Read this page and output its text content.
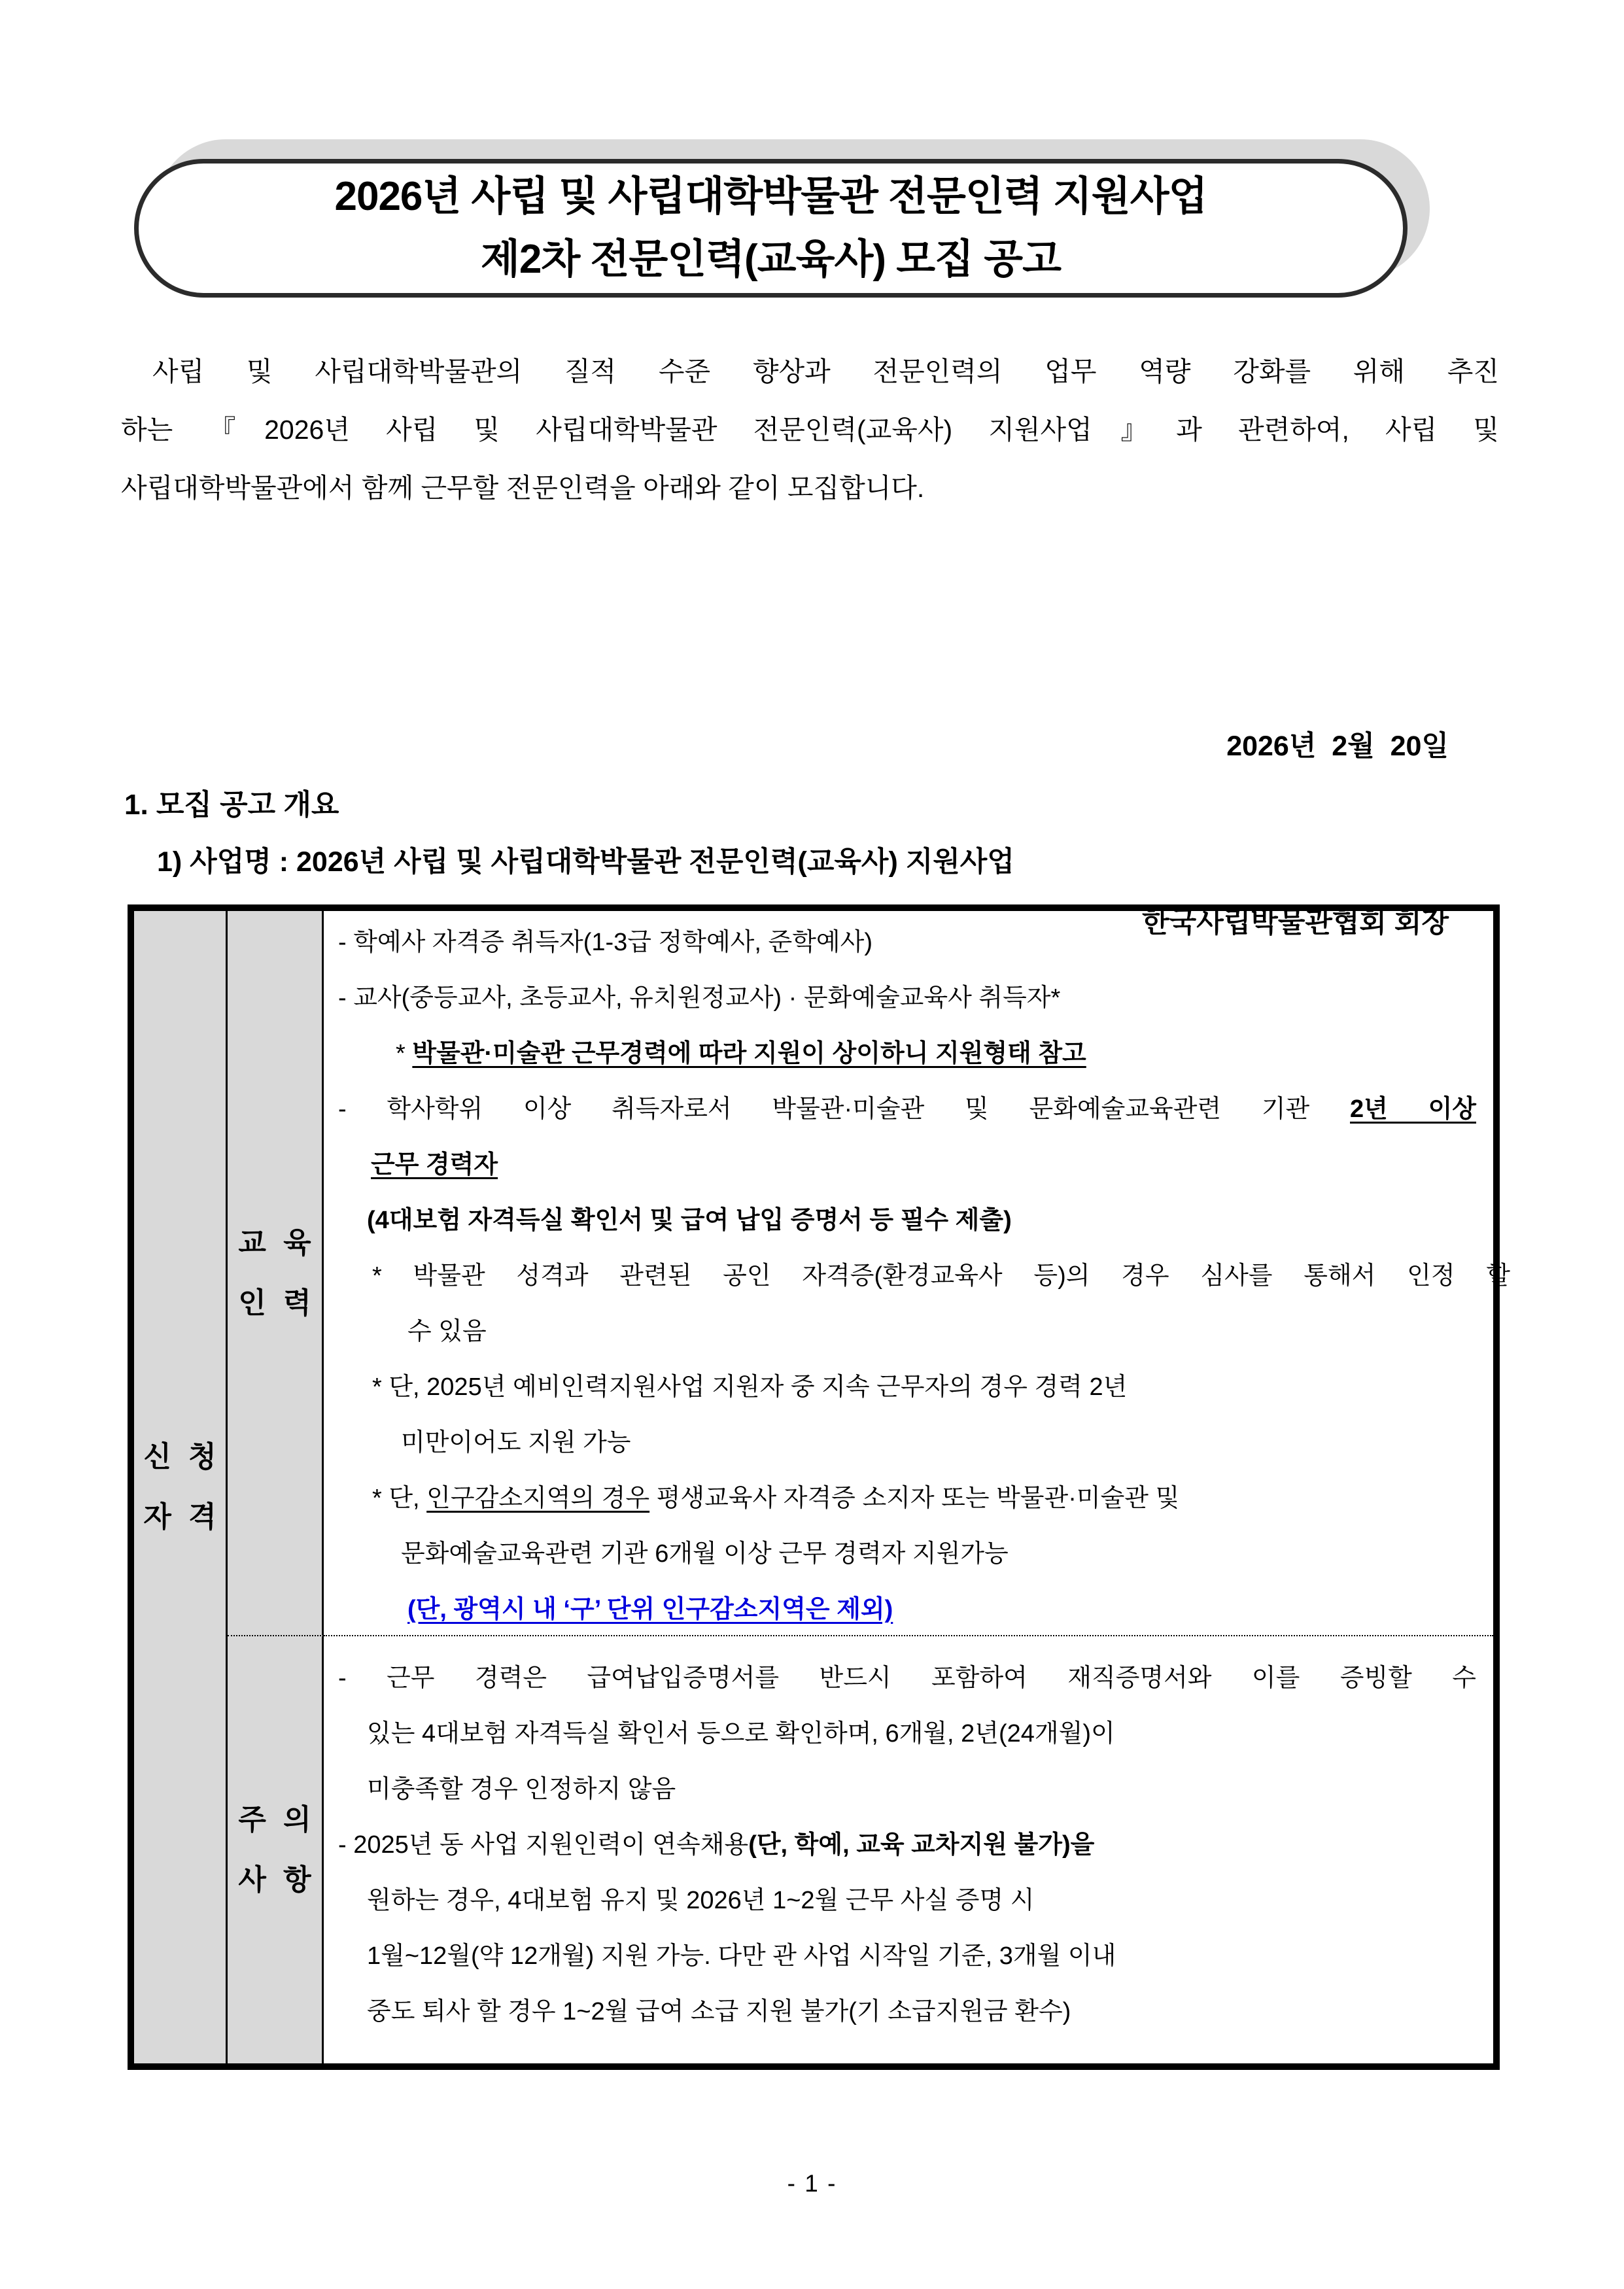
2026년 사립 및 사립대학박물관 전문인력 지원사업
제2차 전문인력(교육사) 모집 공고
사립 및 사립대학박물관의 질적 수준 향상과 전문인력의 업무 역량 강화를 위해 추진
하는 『2026년 사립 및 사립대학박물관 전문인력(교육사) 지원사업』과 관련하여, 사립 및
사립대학박물관에서 함께 근무할 전문인력을 아래와 같이 모집합니다.

2026년  2월  20일

한국사립박물관협회 회장

1. 모집 공고 개요
1) 사업명 : 2026년 사립 및 사립대학박물관 전문인력(교육사) 지원사업
신 청
자 격
교 육
인 력
- 학예사 자격증 취득자(1-3급 정학예사, 준학예사)
- 교사(중등교사, 초등교사, 유치원정교사) · 문화예술교육사 취득자*
* 박물관·미술관 근무경력에 따라 지원이 상이하니 지원형태 참고
- 학사학위 이상 취득자로서 박물관·미술관 및 문화예술교육관련 기관 2년 이상
근무 경력자
(4대보험 자격득실 확인서 및 급여 납입 증명서 등 필수 제출)
* 박물관 성격과 관련된 공인 자격증(환경교육사 등)의 경우 심사를 통해서 인정 할
수 있음
* 단, 2025년 예비인력지원사업 지원자 중 지속 근무자의 경우 경력 2년
미만이어도 지원 가능
* 단, 인구감소지역의 경우 평생교육사 자격증 소지자 또는 박물관·미술관 및
문화예술교육관련 기관 6개월 이상 근무 경력자 지원가능
(단, 광역시 내 ‘구’ 단위 인구감소지역은 제외)
주 의
사 항
- 근무 경력은 급여납입증명서를 반드시 포함하여 재직증명서와 이를 증빙할 수
있는 4대보험 자격득실 확인서 등으로 확인하며, 6개월, 2년(24개월)이
미충족할 경우 인정하지 않음
- 2025년 동 사업 지원인력이 연속채용(단, 학예, 교육 교차지원 불가)을
원하는 경우, 4대보험 유지 및 2026년 1~2월 근무 사실 증명 시
1월~12월(약 12개월) 지원 가능. 다만 관 사업 시작일 기준, 3개월 이내
중도 퇴사 할 경우 1~2월 급여 소급 지원 불가(기 소급지원금 환수)
- 1 -
